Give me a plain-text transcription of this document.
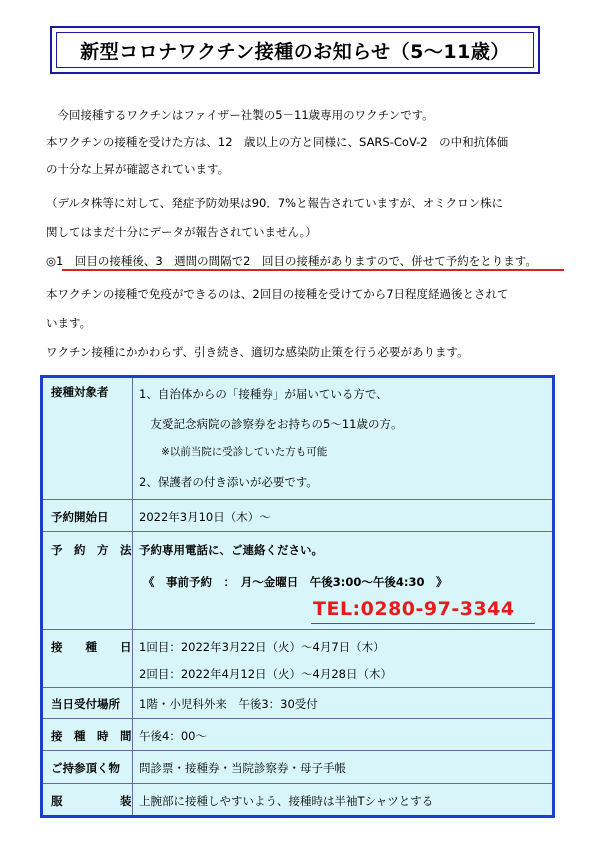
新型コロナワクチン接種のお知らせ（5～11歳）
　今回接種するワクチンはファイザー社製の5－11歳専用のワクチンです。
本ワクチンの接種を受けた方は、12　歳以上の方と同様に、SARS-CoV-2　の中和抗体価
の十分な上昇が確認されています。
（デルタ株等に対して、発症予防効果は90．7%と報告されていますが、オミクロン株に
関してはまだ十分にデータが報告されていません。）
◎1　回目の接種後、3　週間の間隔で2　回目の接種がありますので、併せて予約をとります。
本ワクチンの接種で免疫ができるのは、2回目の接種を受けてから7日程度経過後とされて
います。
ワクチン接種にかかわらず、引き続き、適切な感染防止策を行う必要があります。
接種対象者	1、自治体からの「接種券」が届いている方で、
　友愛記念病院の診察券をお持ちの5～11歳の方。
※以前当院に受診していた方も可能
2、保護者の付き添いが必要です。
予約開始日	2022年3月10日（木）～
予　約　方　法 予約専用電話に、ご連絡ください。
《　事前予約　：　月～金曜日　午後3:00～午後4:30　》
TEL:0280-97-3344
接　　種　　日 1回目：2022年3月22日（火）～4月7日（木）
2回目：2022年4月12日（火）～4月28日（木）
当日受付場所 1階・小児科外来　午後3：30受付
接　種　時　間 午後4：00～
ご持参頂く物 問診票・接種券・当院診察券・母子手帳
服　　　　　装 上腕部に接種しやすいよう、接種時は半袖Tシャツとする
